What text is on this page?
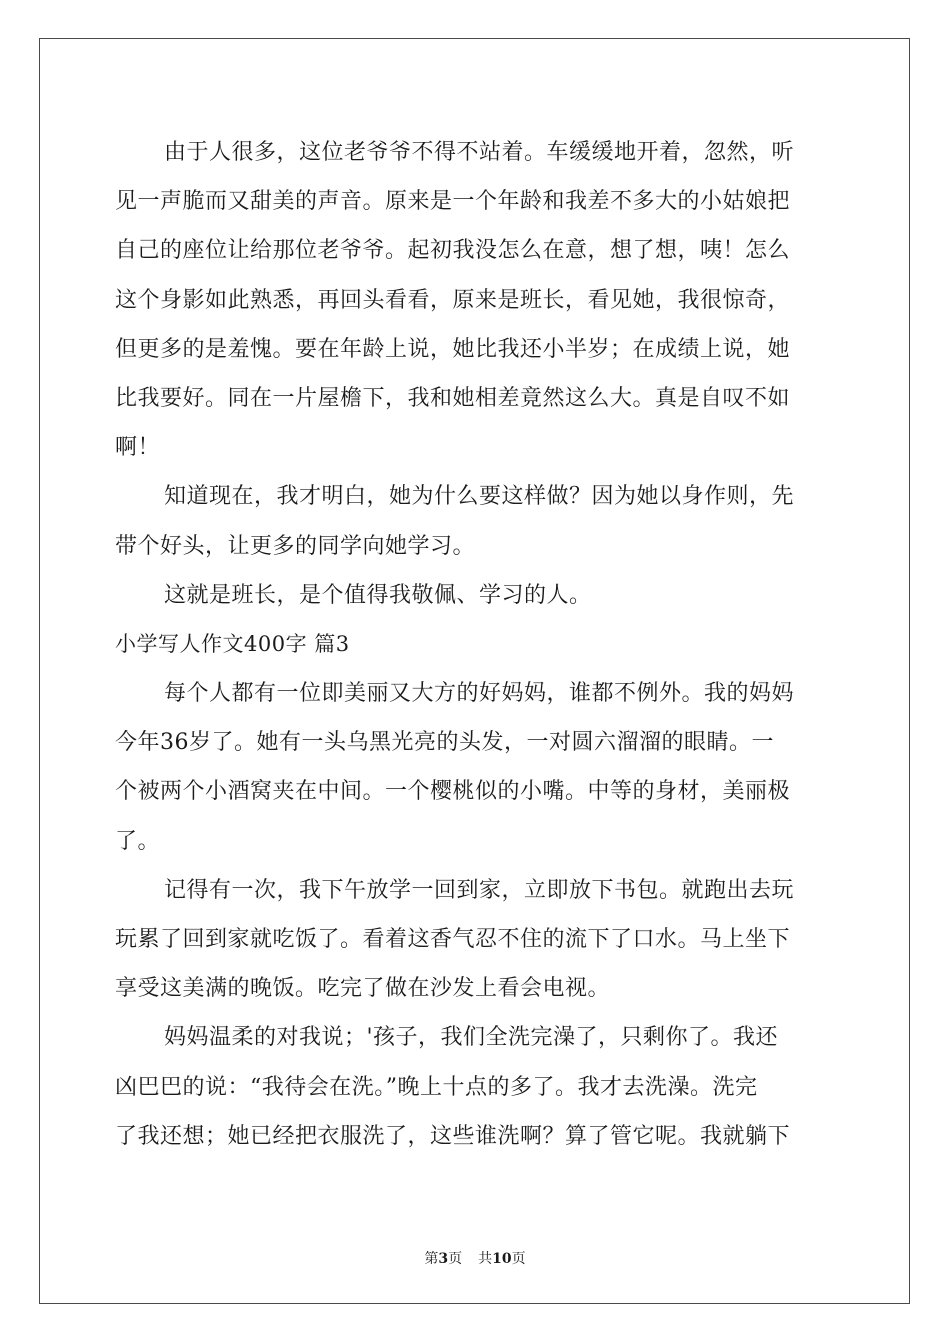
由于人很多，这位老爷爷不得不站着。车缓缓地开着，忽然，听
见一声脆而又甜美的声音。原来是一个年龄和我差不多大的小姑娘把
自己的座位让给那位老爷爷。起初我没怎么在意，想了想，咦！怎么
这个身影如此熟悉，再回头看看，原来是班长，看见她，我很惊奇，
但更多的是羞愧。要在年龄上说，她比我还小半岁；在成绩上说，她
比我要好。同在一片屋檐下，我和她相差竟然这么大。真是自叹不如
啊！
知道现在，我才明白，她为什么要这样做？因为她以身作则，先
带个好头，让更多的同学向她学习。
这就是班长，是个值得我敬佩、学习的人。
小学写人作文400字 篇3
每个人都有一位即美丽又大方的好妈妈，谁都不例外。我的妈妈
今年36岁了。她有一头乌黑光亮的头发，一对圆六溜溜的眼睛。一
个被两个小酒窝夹在中间。一个樱桃似的小嘴。中等的身材，美丽极
了。
记得有一次，我下午放学一回到家，立即放下书包。就跑出去玩
玩累了回到家就吃饭了。看着这香气忍不住的流下了口水。马上坐下
享受这美满的晚饭。吃完了做在沙发上看会电视。
妈妈温柔的对我说；'孩子，我们全洗完澡了，只剩你了。我还
凶巴巴的说：“我待会在洗。”晚上十点的多了。我才去洗澡。洗完
了我还想；她已经把衣服洗了，这些谁洗啊？算了管它呢。我就躺下
第3页 共10页
